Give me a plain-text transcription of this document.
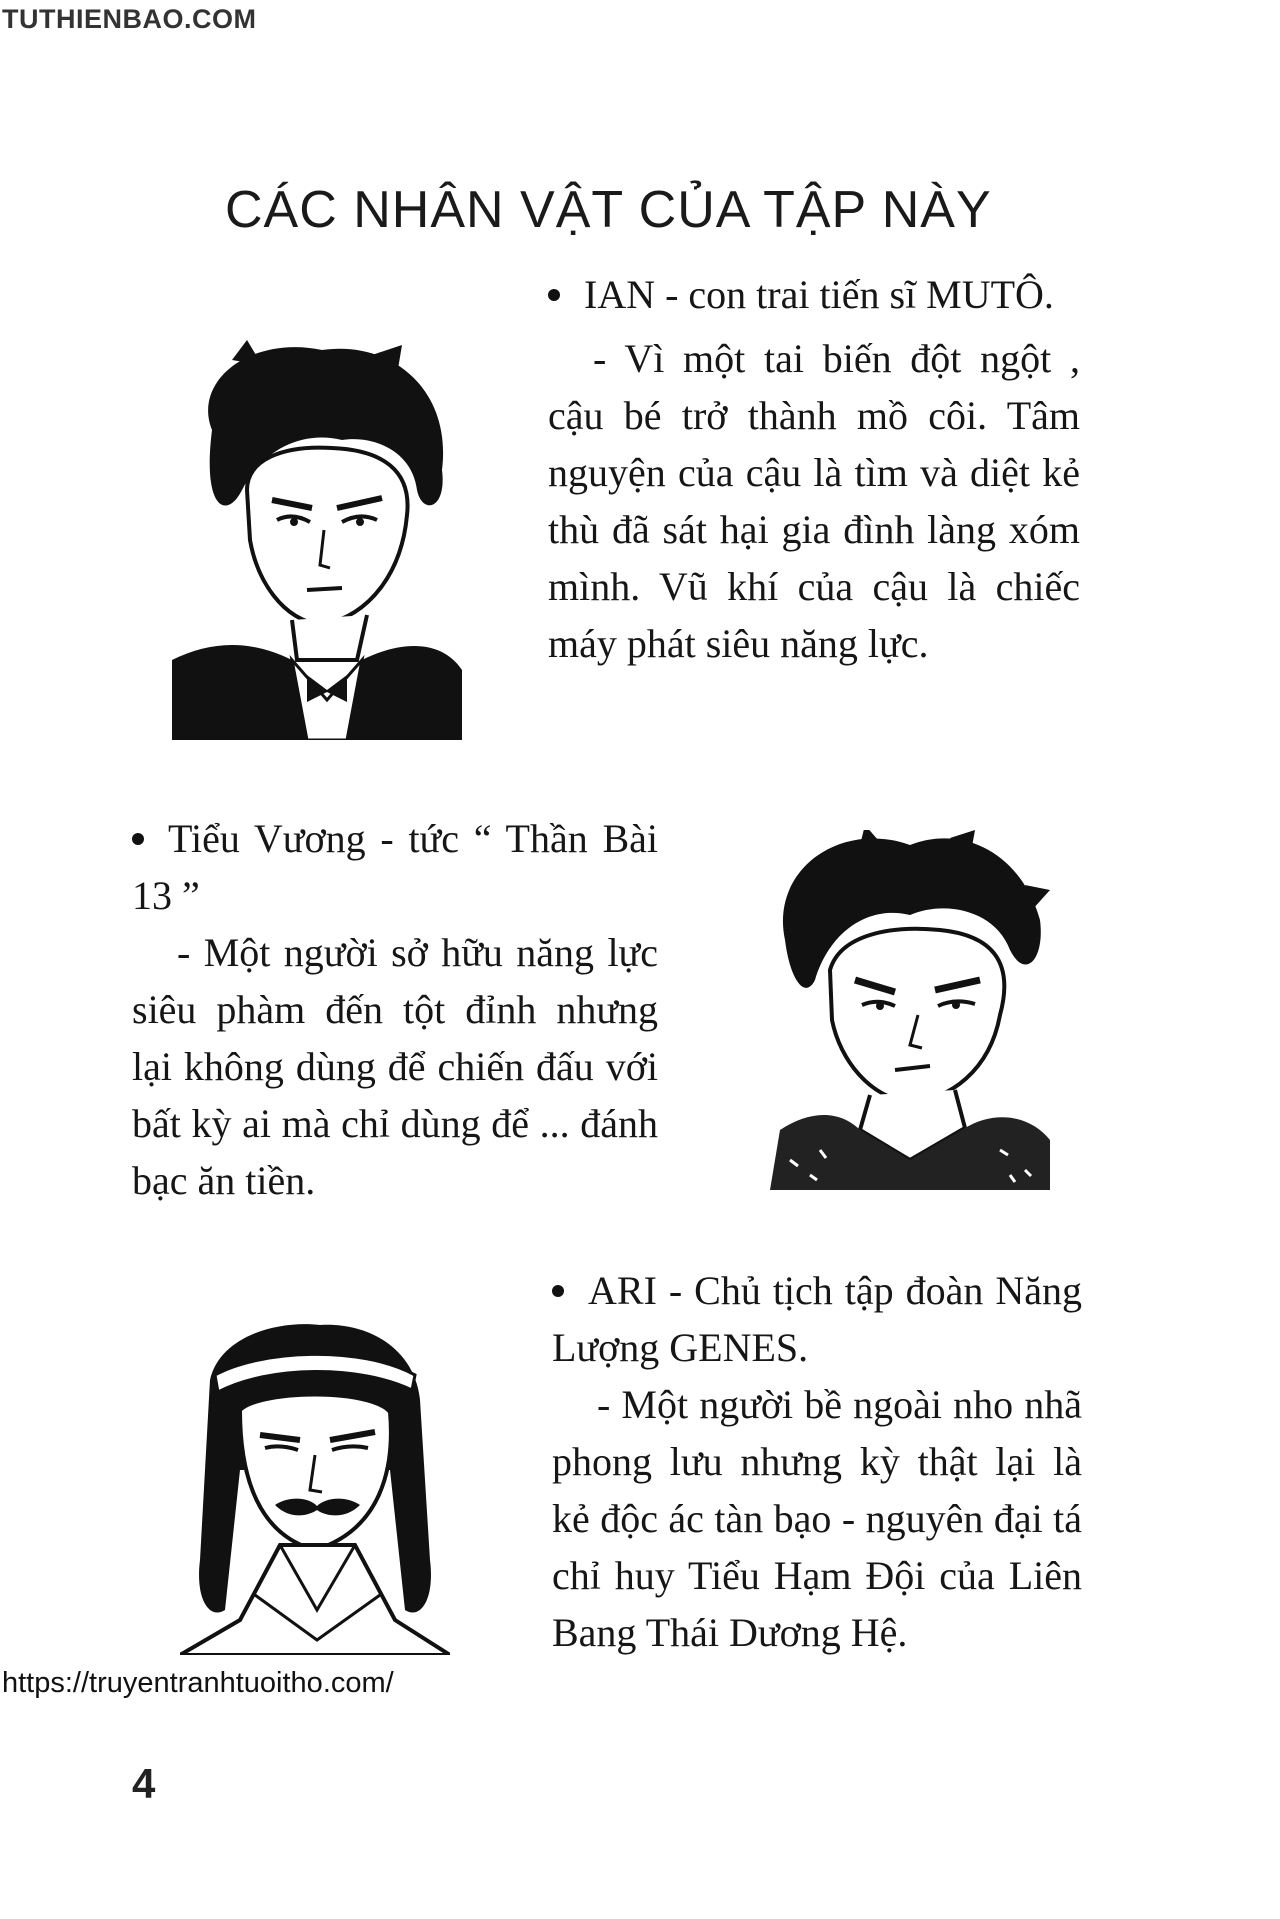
TUTHIENBAO.COM
CÁC NHÂN VẬT CỦA TẬP NÀY

IAN - con trai tiến sĩ MUTÔ.

- Vì một tai biến đột ngột , cậu bé trở thành mồ côi. Tâm nguyện của cậu là tìm và diệt kẻ thù đã sát hại gia đình làng xóm mình. Vũ khí của cậu là chiếc máy phát siêu năng lực.

Tiểu Vương - tức “ Thần Bài 13 ”

- Một người sở hữu năng lực siêu phàm đến tột đỉnh nhưng lại không dùng để chiến đấu với bất kỳ ai mà chỉ dùng để ... đánh bạc ăn tiền.

ARI - Chủ tịch tập đoàn Năng Lượng GENES.

- Một người bề ngoài nho nhã phong lưu nhưng kỳ thật lại là kẻ độc ác tàn bạo - nguyên đại tá chỉ huy Tiểu Hạm Đội của Liên Bang Thái Dương Hệ.

https://truyentranhtuoitho.com/
4
